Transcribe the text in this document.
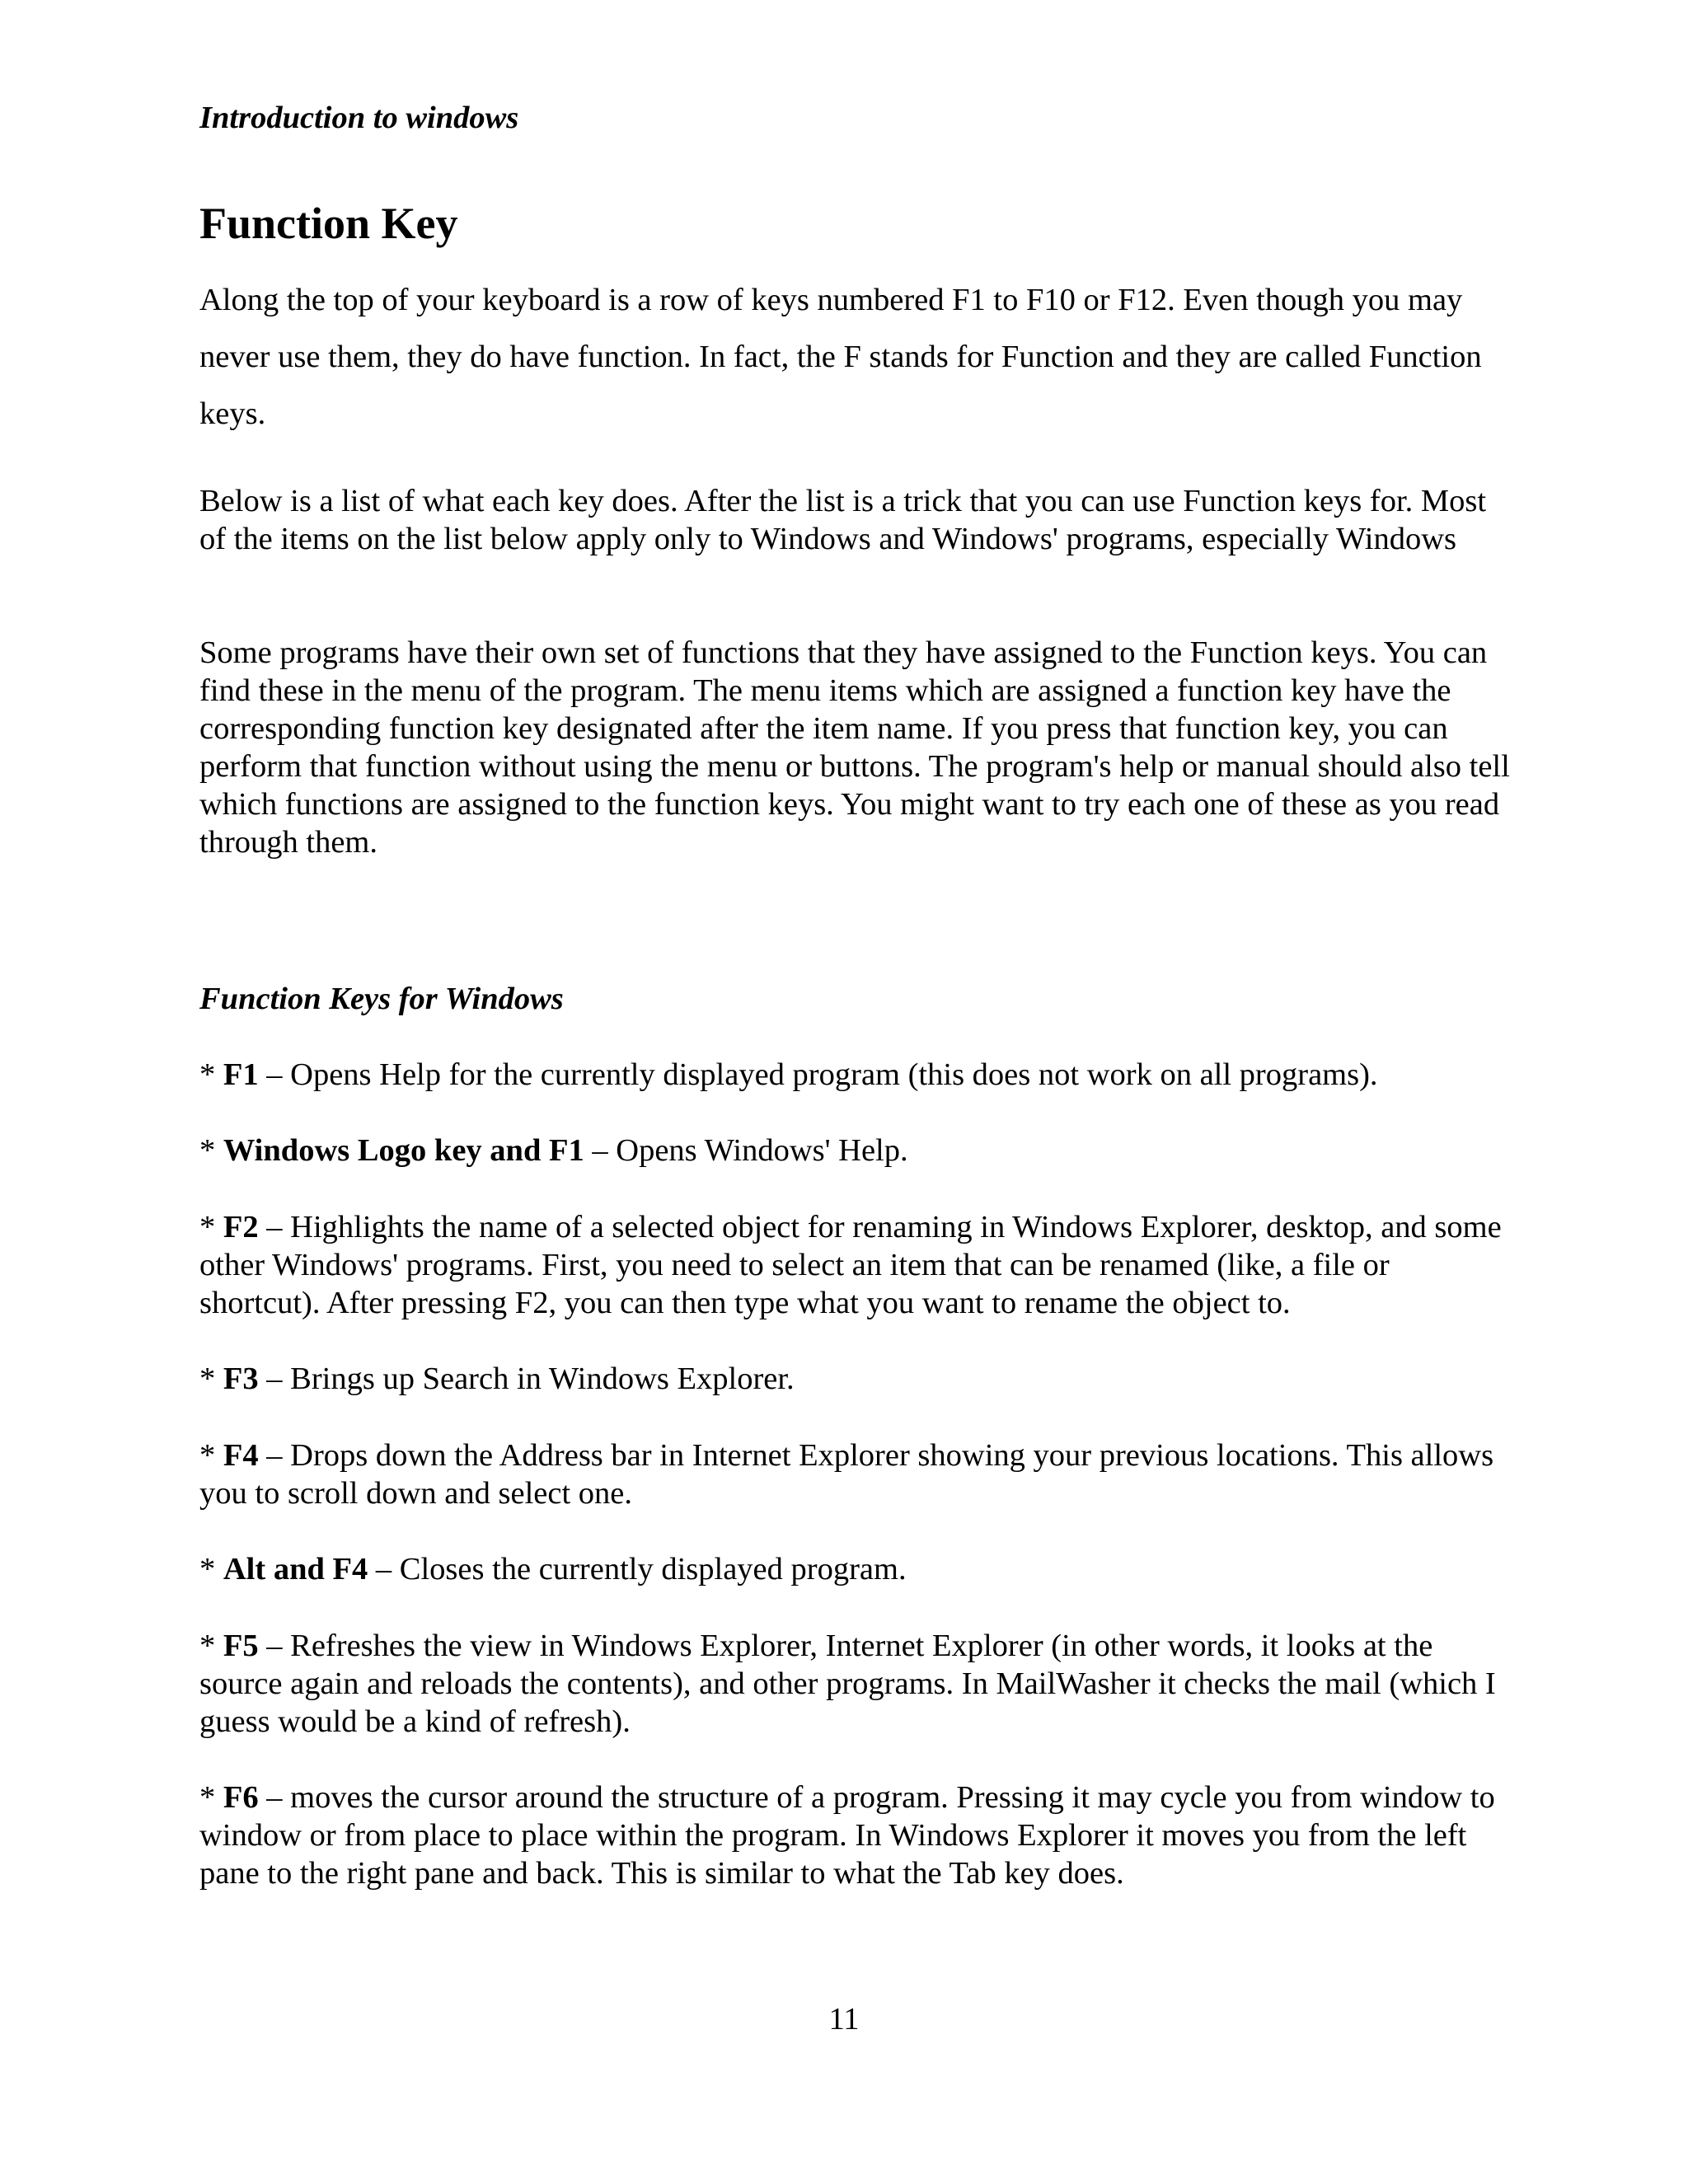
Introduction to windows

Function Key

Along the top of your keyboard is a row of keys numbered F1 to F10 or F12. Even though you may never use them, they do have function. In fact, the F stands for Function and they are called Function keys.

Below is a list of what each key does. After the list is a trick that you can use Function keys for. Most of the items on the list below apply only to Windows and Windows' programs, especially Windows

Some programs have their own set of functions that they have assigned to the Function keys. You can find these in the menu of the program. The menu items which are assigned a function key have the corresponding function key designated after the item name. If you press that function key, you can perform that function without using the menu or buttons. The program's help or manual should also tell which functions are assigned to the function keys. You might want to try each one of these as you read through them.

Function Keys for Windows

* F1 – Opens Help for the currently displayed program (this does not work on all programs).

* Windows Logo key and F1 – Opens Windows' Help.

* F2 – Highlights the name of a selected object for renaming in Windows Explorer, desktop, and some other Windows' programs. First, you need to select an item that can be renamed (like, a file or shortcut). After pressing F2, you can then type what you want to rename the object to.

* F3 – Brings up Search in Windows Explorer.

* F4 – Drops down the Address bar in Internet Explorer showing your previous locations. This allows you to scroll down and select one.

* Alt and F4 – Closes the currently displayed program.

* F5 – Refreshes the view in Windows Explorer, Internet Explorer (in other words, it looks at the source again and reloads the contents), and other programs. In MailWasher it checks the mail (which I guess would be a kind of refresh).

* F6 – moves the cursor around the structure of a program. Pressing it may cycle you from window to window or from place to place within the program. In Windows Explorer it moves you from the left pane to the right pane and back. This is similar to what the Tab key does.

11
